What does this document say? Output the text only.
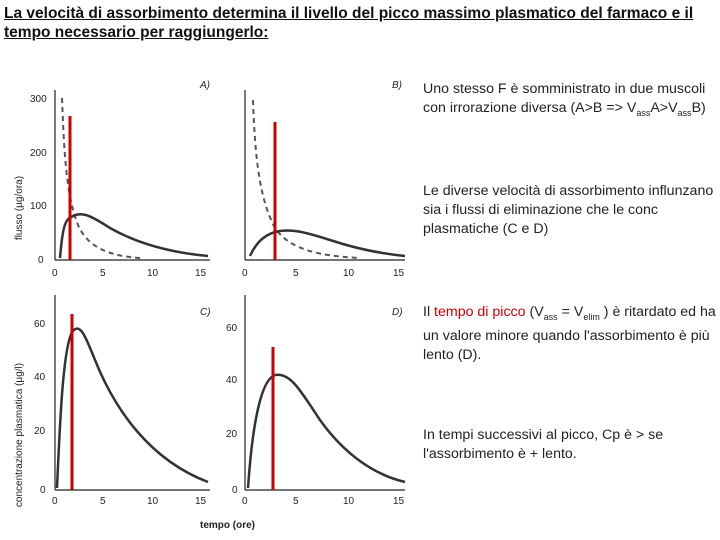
La velocità di assorbimento determina il livello del picco massimo plasmatico del farmaco e il tempo necessario per raggiungerlo:
flusso (µg/ora)
concentrazione plasmatica (µg/l)
A)
300
200
100
0
0	5	10	15
B)
0	5	10	15
C)
60
40
20
0
0	5	10	15
D)
60
40
20
0
0	5	10	15
tempo (ore)
Uno stesso F è somministrato in due muscoli con irrorazione diversa $(A>B => V_{ass}A>V_{ass}B)$
Le diverse velocità di assorbimento influnzano sia i flussi di eliminazione che le conc plasmatiche (C e D)
Il tempo di picco ($V_{ass} = V_{elim}$ ) è ritardato ed ha un valore minore quando l'assorbimento è più lento (D).
In tempi successivi al picco, Cp è > se l'assorbimento è + lento.
